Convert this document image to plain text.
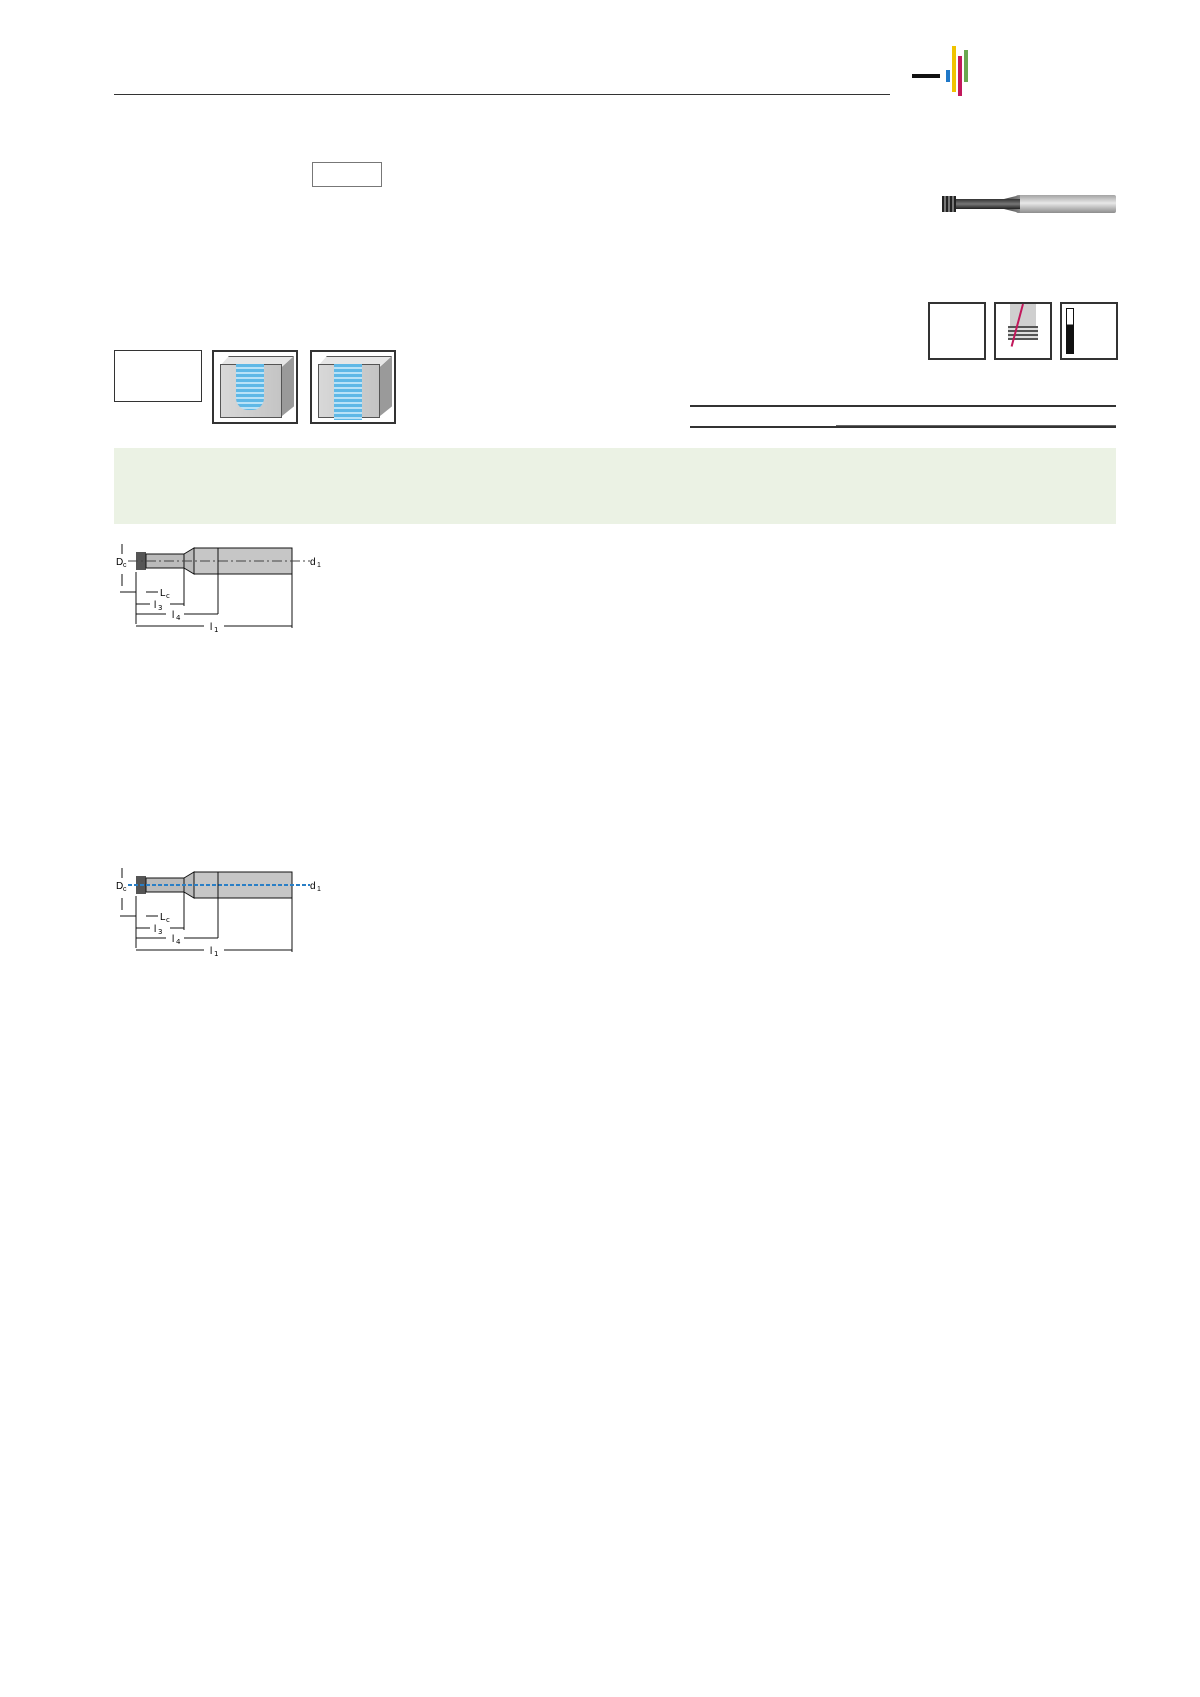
D c	d 1
L c
l 3
l 4
l 1
D c	d 1
L c
l 3
l 4
l 1
